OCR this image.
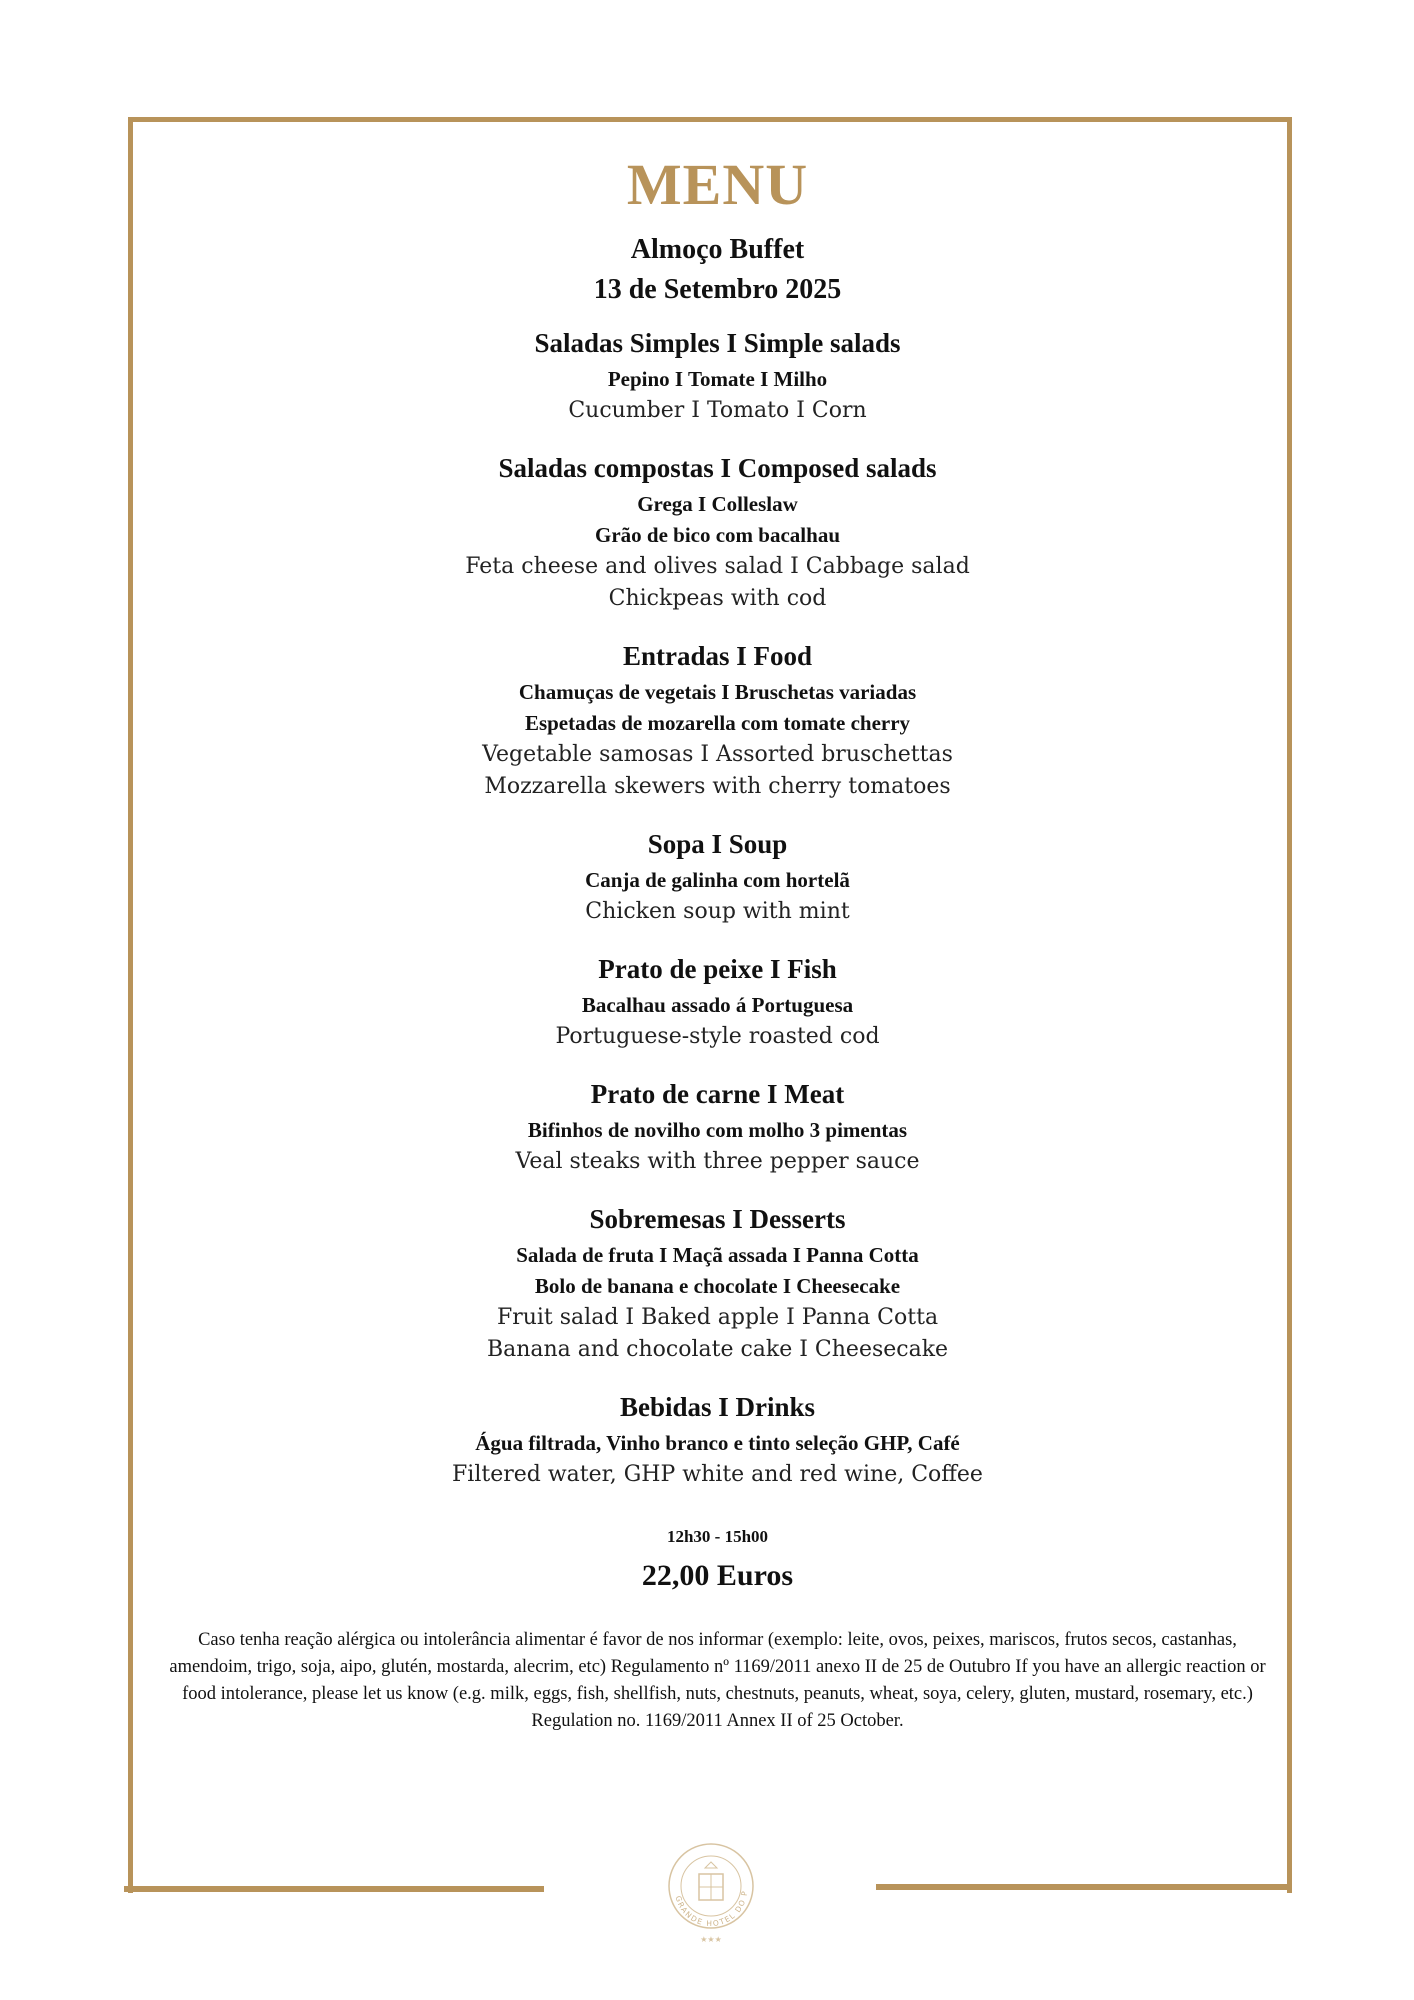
MENU
Almoço Buffet
13 de Setembro 2025
Saladas Simples I Simple salads
Pepino I Tomate I Milho
Cucumber I Tomato I Corn
Saladas compostas I Composed salads
Grega I Colleslaw
Grão de bico com bacalhau
Feta cheese and olives salad I Cabbage salad
Chickpeas with cod
Entradas I Food
Chamuças de vegetais I Bruschetas variadas
Espetadas de mozarella com tomate cherry
Vegetable samosas I Assorted bruschettas
Mozzarella skewers with cherry tomatoes
Sopa I Soup
Canja de galinha com hortelã
Chicken soup with mint
Prato de peixe I Fish
Bacalhau assado á Portuguesa
Portuguese-style roasted cod
Prato de carne I Meat
Bifinhos de novilho com molho 3 pimentas
Veal steaks with three pepper sauce
Sobremesas I Desserts
Salada de fruta I Maçã assada I Panna Cotta
Bolo de banana e chocolate I Cheesecake
Fruit salad I Baked apple I Panna Cotta
Banana and chocolate cake I Cheesecake
Bebidas I Drinks
Água filtrada, Vinho branco e tinto seleção GHP, Café
Filtered water, GHP white and red wine, Coffee
12h30 - 15h00
22,00 Euros
Caso tenha reação alérgica ou intolerância alimentar é favor de nos informar (exemplo: leite, ovos, peixes, mariscos, frutos secos, castanhas, amendoim, trigo, soja, aipo, glutén, mostarda, alecrim, etc) Regulamento nº 1169/2011 anexo II de 25 de Outubro If you have an allergic reaction or food intolerance, please let us know (e.g. milk, eggs, fish, shellfish, nuts, chestnuts, peanuts, wheat, soya, celery, gluten, mustard, rosemary, etc.) Regulation no. 1169/2011 Annex II of 25 October.
GRANDE HOTEL DO P
★★★
